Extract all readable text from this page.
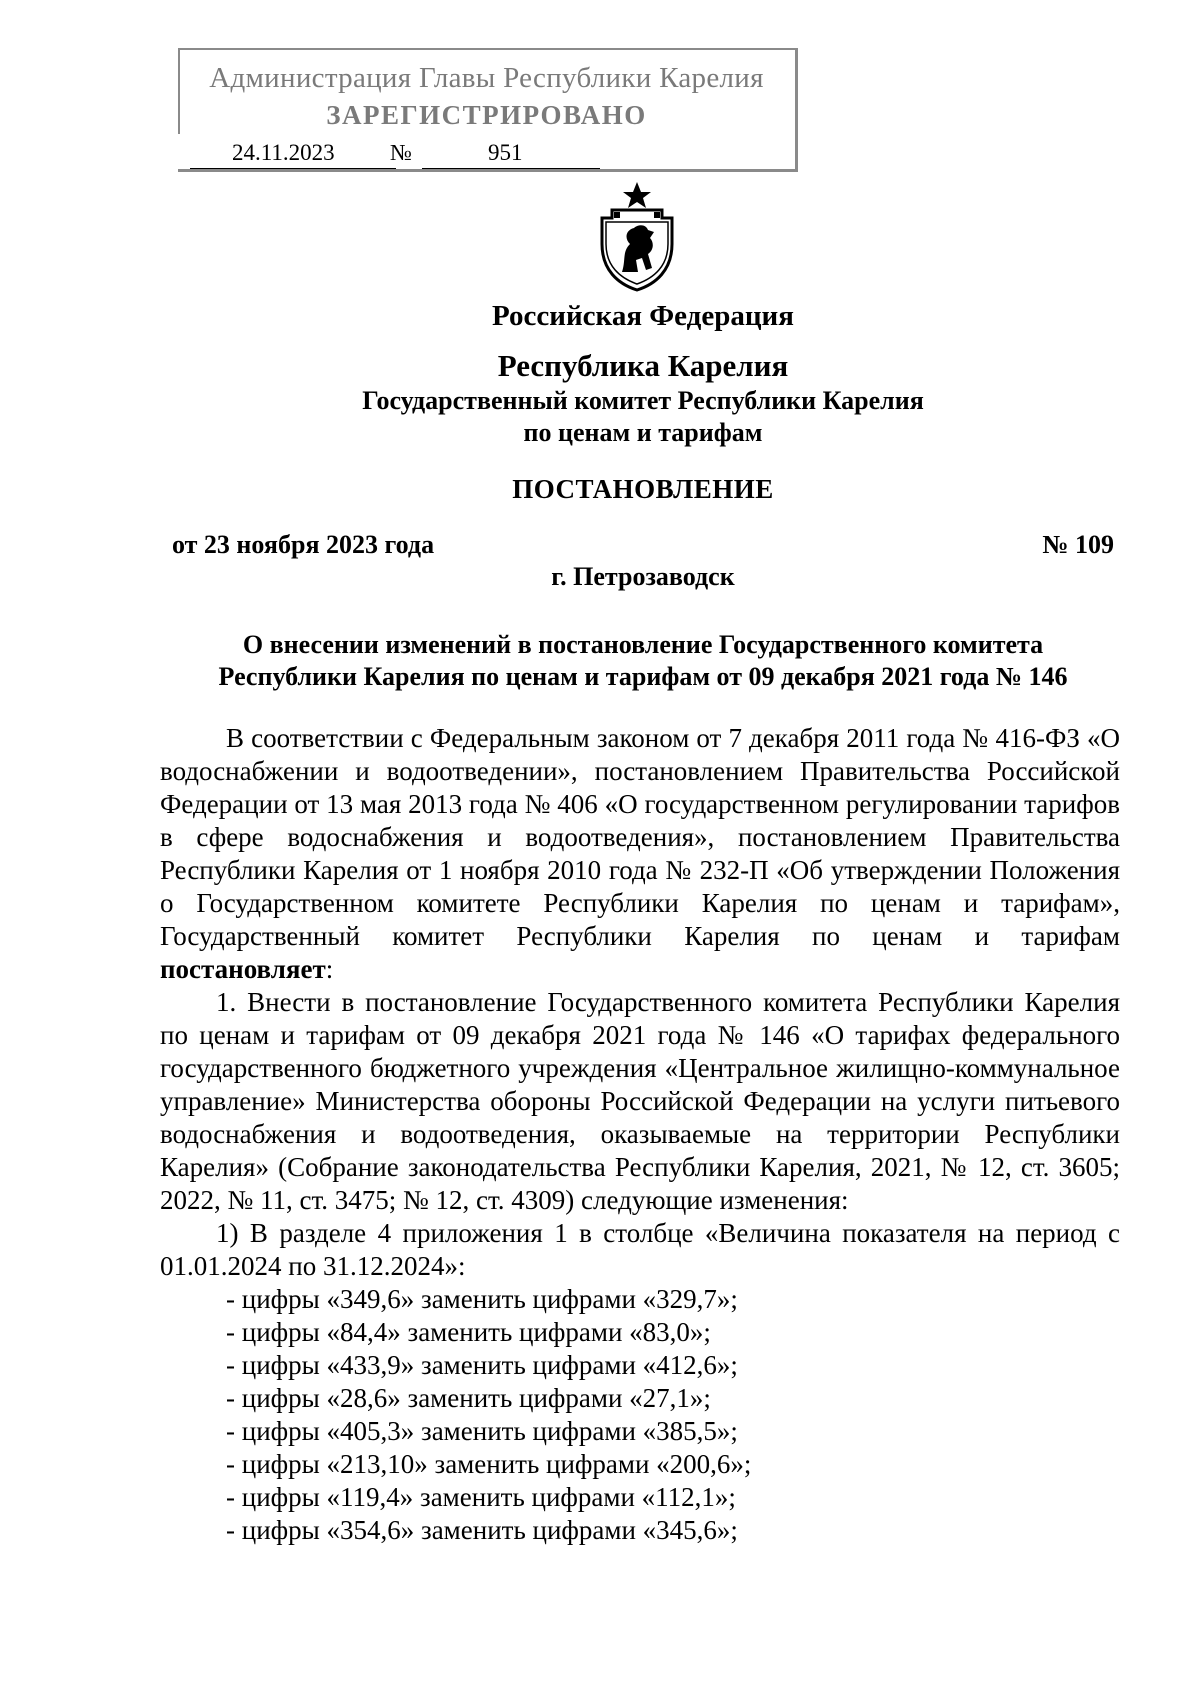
Администрация Главы Республики Карелия
ЗАРЕГИСТРИРОВАНО
24.11.2023 №	951
Российская Федерация
Республика Карелия
Государственный комитет Республики Карелия
по ценам и тарифам
ПОСТАНОВЛЕНИЕ
от 23 ноября 2023 года	№ 109
г. Петрозаводск
О внесении изменений в постановление Государственного комитета
Республики Карелия по ценам и тарифам от 09 декабря 2021 года № 146

В соответствии с Федеральным законом от 7 декабря 2011 года № 416-ФЗ «О водоснабжении и водоотведении», постановлением Правительства Российской Федерации от 13 мая 2013 года № 406 «О государственном регулировании тарифов в сфере водоснабжения и водоотведения», постановлением Правительства Республики Карелия от 1 ноября 2010 года № 232-П «Об утверждении Положения о Государственном комитете Республики Карелия по ценам и тарифам», Государственный комитет Республики Карелия по ценам и тарифам постановляет:

1. Внести в постановление Государственного комитета Республики Карелия по ценам и тарифам от 09 декабря 2021 года № 146 «О тарифах федерального государственного бюджетного учреждения «Центральное жилищно-коммунальное управление» Министерства обороны Российской Федерации на услуги питьевого водоснабжения и водоотведения, оказываемые на территории Республики Карелия» (Собрание законодательства Республики Карелия, 2021, № 12, ст. 3605; 2022, № 11, ст. 3475; № 12, ст. 4309) следующие изменения:

1) В разделе 4 приложения 1 в столбце «Величина показателя на период с 01.01.2024 по 31.12.2024»:

- цифры «349,6» заменить цифрами «329,7»;

- цифры «84,4» заменить цифрами «83,0»;

- цифры «433,9» заменить цифрами «412,6»;

- цифры «28,6» заменить цифрами «27,1»;

- цифры «405,3» заменить цифрами «385,5»;

- цифры «213,10» заменить цифрами «200,6»;

- цифры «119,4» заменить цифрами «112,1»;

- цифры «354,6» заменить цифрами «345,6»;
